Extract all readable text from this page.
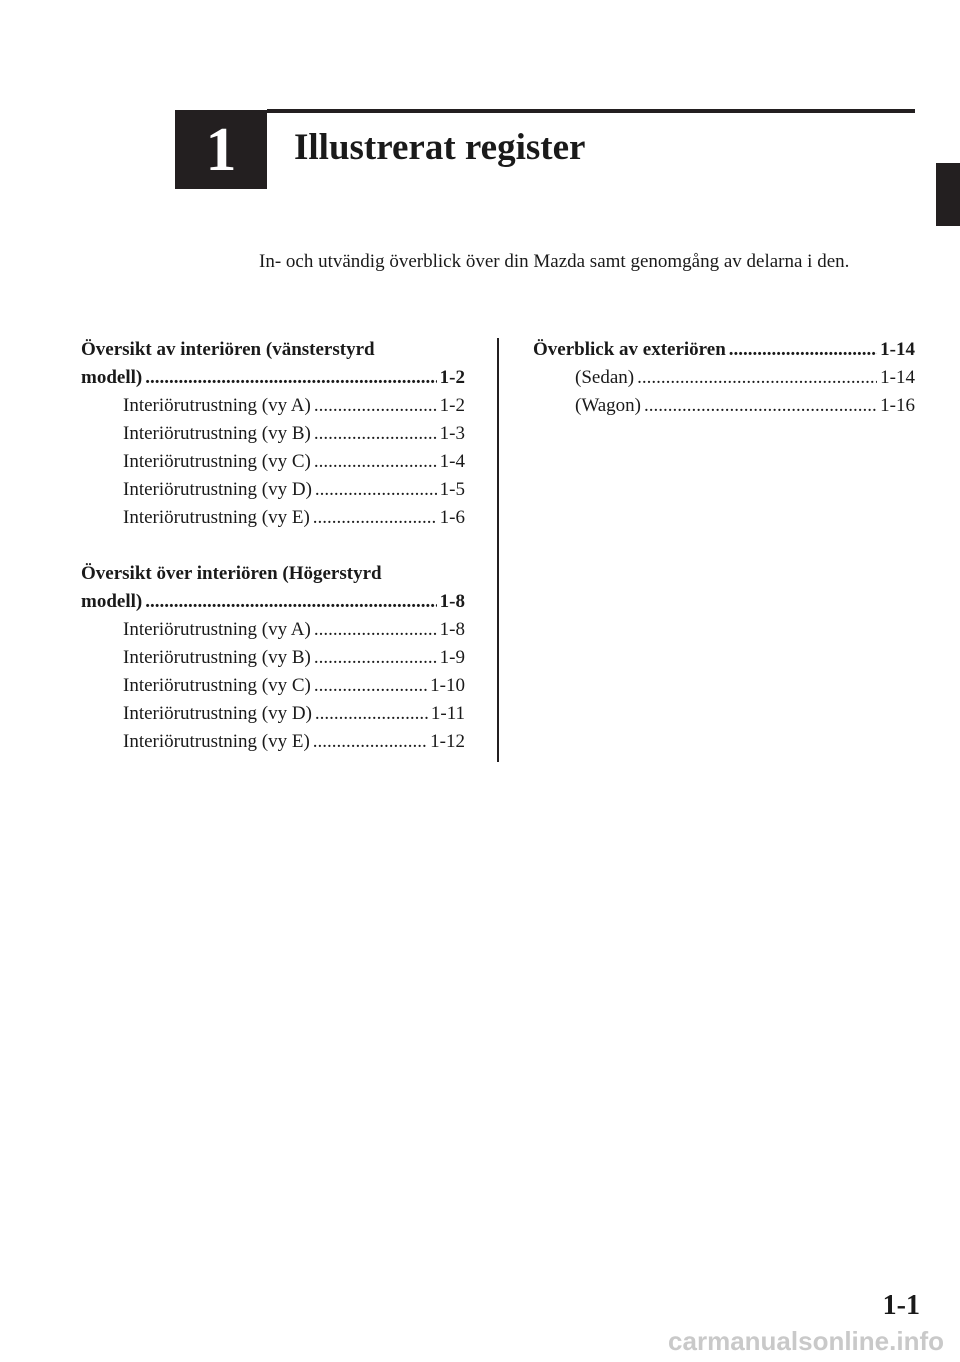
1 Illustrerat register
In- och utvändig överblick över din Mazda samt genomgång av delarna i den.
Översikt av interiören (vänsterstyrd
modell) .....	1-2
Interiörutrustning (vy A) .....	1-2
Interiörutrustning (vy B) .....	1-3
Interiörutrustning (vy C) .....	1-4
Interiörutrustning (vy D) .....	1-5
Interiörutrustning (vy E) .....	1-6
Översikt över interiören (Högerstyrd
modell) .....	1-8
Interiörutrustning (vy A) .....	1-8
Interiörutrustning (vy B) .....	1-9
Interiörutrustning (vy C) .....	1-10
Interiörutrustning (vy D) .....	1-11
Interiörutrustning (vy E) .....	1-12
Överblick av exteriören .....	1-14
(Sedan) .....	1-14
(Wagon) .....	1-16
1-1
carmanualsonline.info
